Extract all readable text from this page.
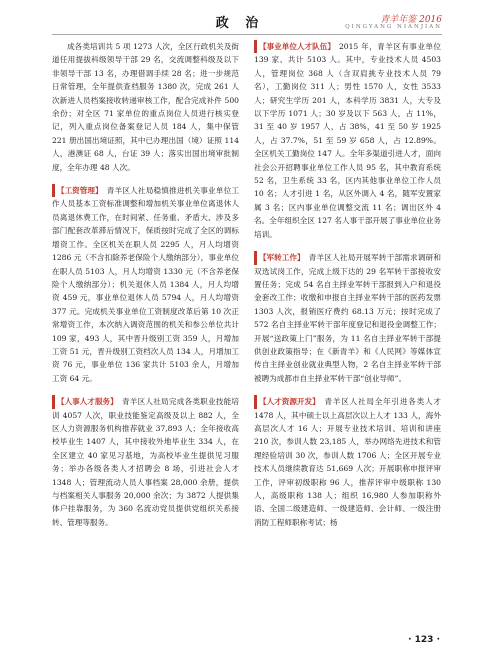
政 治	青羊年鉴 2016
QINGYANG NIANJIAN

成各类培训共 5 项 1273 人次，全区行政机关及街道任用提拔科级领导干部 29 名，交流调整科级及以下非领导干部 13 名，办理借调手续 28 名；进一步规范日常管理，全年提供查档服务 1380 次，完成 261 人次新进人员档案接收转递审核工作，配合完成补件 500 余份；对全区 71 家单位的重点岗位人员进行核实登记，列入重点岗位备案登记人员 184 人，集中保管 221 册出国出境证照，其中已办理出国（境）证照 114 人，港澳证 68 人，台证 39 人；落实出国出境审批制度，全年办理 48 人次。

【工资管理】 青羊区人社局稳慎推进机关事业单位工作人员基本工资标准调整和增加机关事业单位离退休人员离退休费工作，在时间紧、任务重、矛盾大、涉及多部门配套改革滞后情况下，保质按时完成了全区的调标增资工作。全区机关在职人员 2295 人，月人均增资 1286 元（不含扣除养老保险个人缴纳部分），事业单位在职人员 5103 人，月人均增资 1330 元（不含养老保险个人缴纳部分）；机关退休人员 1384 人，月人均增资 459 元，事业单位退休人员 5794 人，月人均增资 377 元。完成机关事业单位工资制度改革后第 10 次正常增资工作，本次纳入调资范围的机关和参公单位共计 109 家，493 人，其中晋升级别工资 359 人，月增加工资 51 元，晋升级别工资档次人员 134 人，月增加工资 76 元，事业单位 136 家共计 5103 余人，月增加工资 64 元。

【人事人才服务】 青羊区人社局完成各类职业技能培训 4057 人次，职业技能鉴定高级及以上 882 人，全区人力资源服务机构推荐就业 37,893 人；全年接收高校毕业生 1407 人，其中接收外地毕业生 334 人，在全区建立 40 家见习基地，为高校毕业生提供见习服务；举办各级各类人才招聘会 8 场，引进社会人才 1348 人；管理流动人员人事档案 28,000 余册，提供与档案相关人事服务 20,000 余次；为 3872 人提供集体户挂靠服务，为 360 名流动党员提供党组织关系接转、管理等服务。

【事业单位人才队伍】 2015 年，青羊区有事业单位 139 家、共计 5103 人。其中，专业技术人员 4503 人，管理岗位 368 人（含双肩挑专业技术人员 79 名），工勤岗位 311 人；男性 1570 人，女性 3533 人；研究生学历 201 人，本科学历 3831 人，大专及以下学历 1071 人；30 岁及以下 563 人，占 11%，31 至 40 岁 1957 人，占 38%，41 至 50 岁 1925 人，占 37.7%，51 至 59 岁 658 人，占 12.89%。全区机关工勤岗位 147 人。全年多渠道引进人才，面向社会公开招聘事业单位工作人员 95 名，其中教育系统 52 名，卫生系统 33 名，区内其他事业单位工作人员 10 名；人才引进 1 名，从区外调入 4 名，随军安置家属 3 名；区内事业单位调整交流 11 名；调出区外 4 名。全年组织全区 127 名人事干部开展了事业单位业务培训。

【军转工作】 青羊区人社局开展军转干部需求调研和双选试岗工作，完成上级下达的 29 名军转干部接收安置任务；完成 54 名自主择业军转干部报到入户和退役金套改工作；收缴和申报自主择业军转干部的医药发票 1303 人次，报销医疗费约 68.13 万元；按时完成了 572 名自主择业军转干部年度登记和退役金调整工作；开展“送政策上门”服务，为 11 名自主择业军转干部提供创业政策指导；在《新青羊》和《人民网》等媒体宣传自主择业创业就业典型人物，2 名自主择业军转干部被聘为成都市自主择业军转干部“创业导师”。

【人才资源开发】 青羊区人社局全年引进各类人才 1478 人，其中硕士以上高层次以上人才 133 人，海外高层次人才 16 人；开展专业技术培训、培训和讲座 210 次，参训人数 23,185 人，举办网络先进技术和管理经验培训 30 次，参训人数 1706 人；全区开展专业技术人员继续教育达 51,669 人次；开展职称申报评审工作，评审初级职称 96 人，推荐评审中级职称 130 人，高级职称 138 人；组织 16,980 人参加职称外语、全国二级建造师、一级建造师、会计师、一级注册消防工程师职称考试；杨

· 123 ·
